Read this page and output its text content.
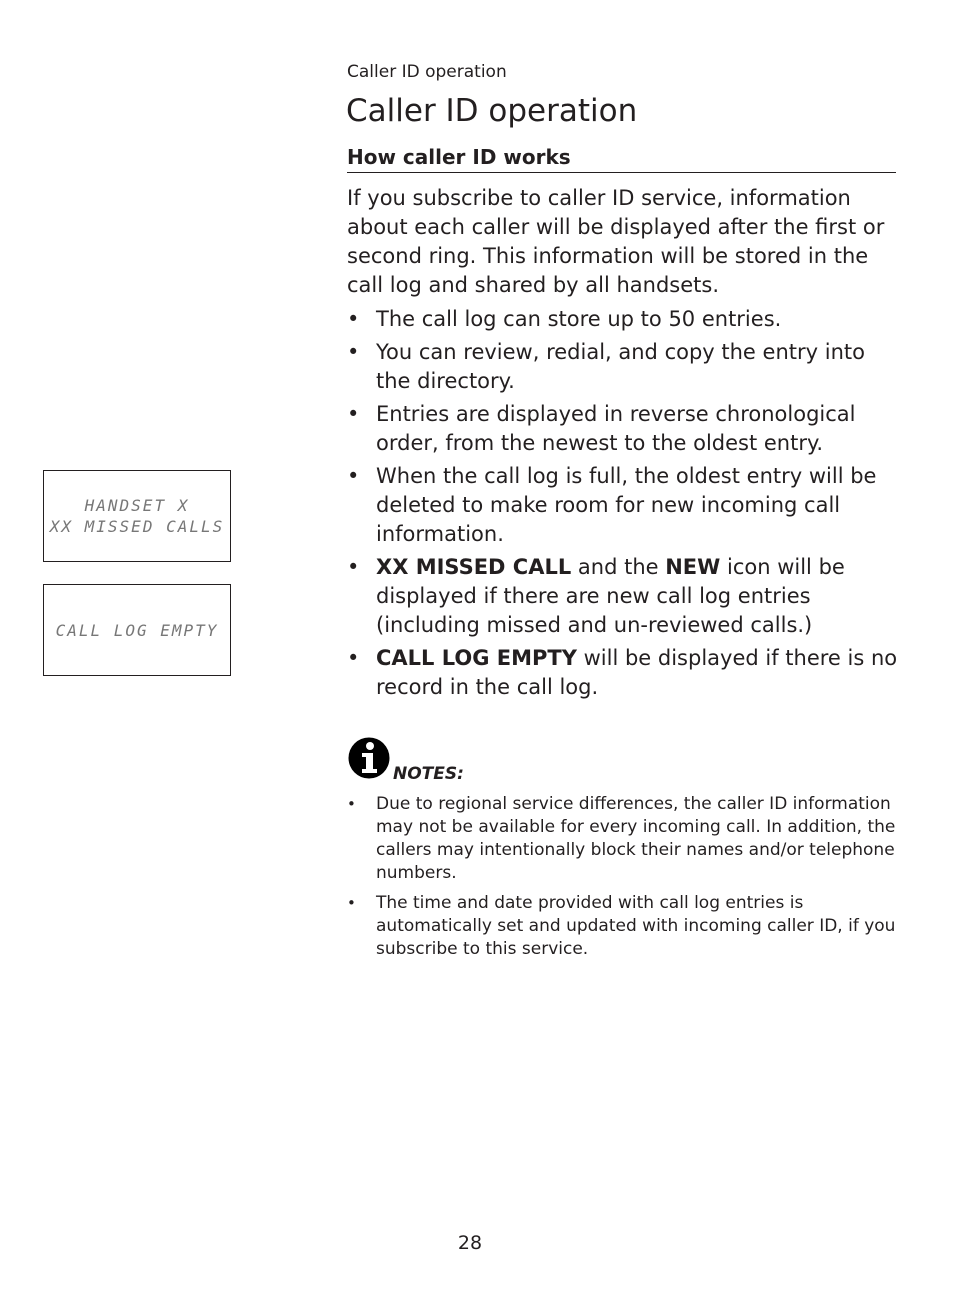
Caller ID operation
Caller ID operation
How caller ID works

If you subscribe to caller ID service, information about each caller will be displayed after the first or second ring. This information will be stored in the call log and shared by all handsets.

• The call log can store up to 50 entries.
• You can review, redial, and copy the entry into the directory.
• Entries are displayed in reverse chronological order, from the newest to the oldest entry.
• When the call log is full, the oldest entry will be deleted to make room for new incoming call information.
• XX MISSED CALL and the NEW icon will be displayed if there are new call log entries (including missed and un-reviewed calls.)
• CALL LOG EMPTY will be displayed if there is no record in the call log.
HANDSET X
XX MISSED CALLS
CALL LOG EMPTY
NOTES:
• Due to regional service differences, the caller ID information may not be available for every incoming call. In addition, the callers may intentionally block their names and/or telephone numbers.
• The time and date provided with call log entries is automatically set and updated with incoming caller ID, if you subscribe to this service.
28
